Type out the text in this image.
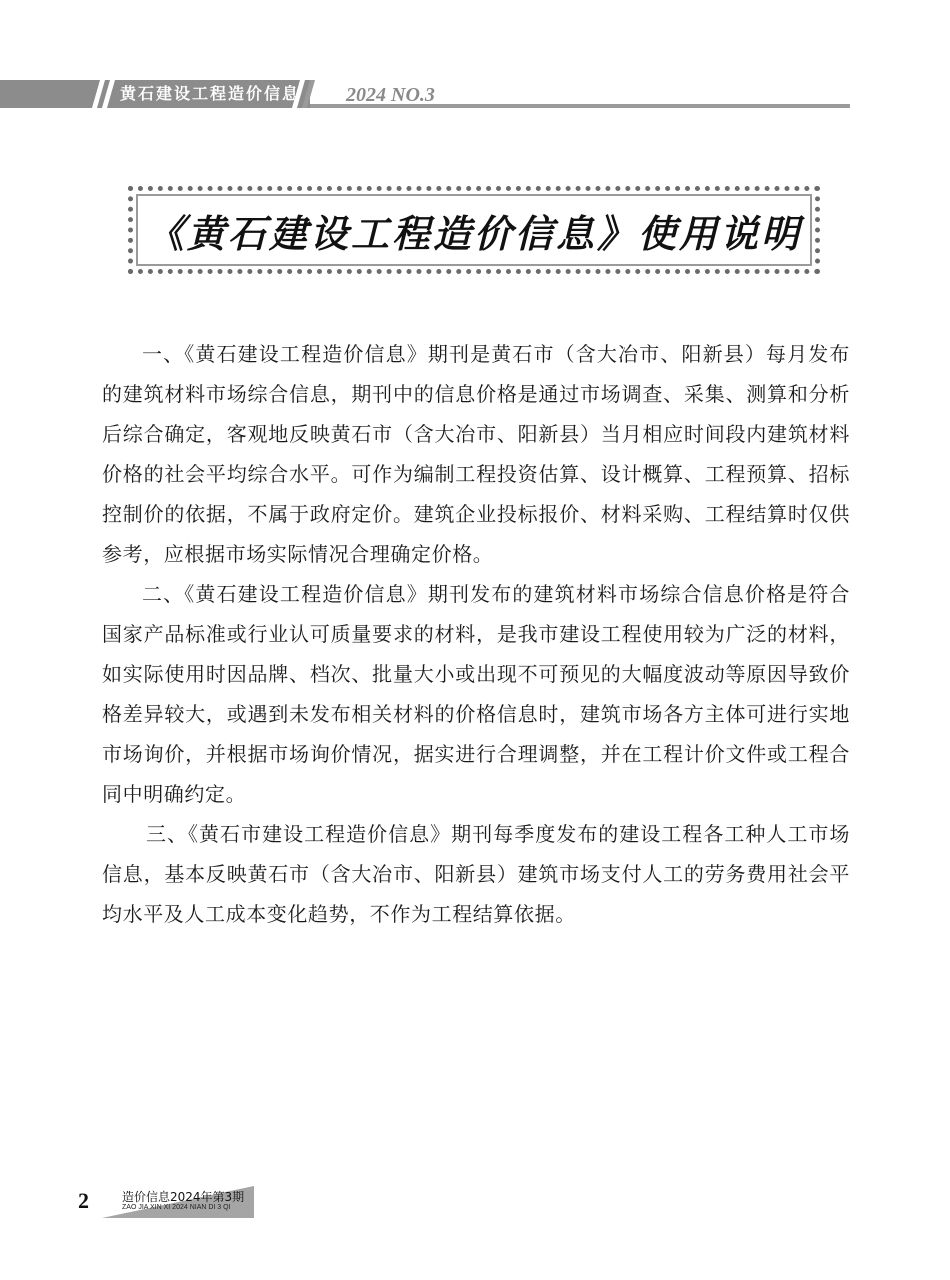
黄石建设工程造价信息 2024 NO.3
《黄石建设工程造价信息》使用说明

一、《黄石建设工程造价信息》期刊是黄石市（含大冶市、阳新县）每月发布的建筑材料市场综合信息，期刊中的信息价格是通过市场调查、采集、测算和分析后综合确定，客观地反映黄石市（含大冶市、阳新县）当月相应时间段内建筑材料价格的社会平均综合水平。可作为编制工程投资估算、设计概算、工程预算、招标控制价的依据，不属于政府定价。建筑企业投标报价、材料采购、工程结算时仅供参考，应根据市场实际情况合理确定价格。

二、《黄石建设工程造价信息》期刊发布的建筑材料市场综合信息价格是符合国家产品标准或行业认可质量要求的材料，是我市建设工程使用较为广泛的材料，如实际使用时因品牌、档次、批量大小或出现不可预见的大幅度波动等原因导致价格差异较大，或遇到未发布相关材料的价格信息时，建筑市场各方主体可进行实地市场询价，并根据市场询价情况，据实进行合理调整，并在工程计价文件或工程合同中明确约定。

三、《黄石市建设工程造价信息》期刊每季度发布的建设工程各工种人工市场信息，基本反映黄石市（含大冶市、阳新县）建筑市场支付人工的劳务费用社会平均水平及人工成本变化趋势，不作为工程结算依据。

2	造价信息2024年第3期
ZAO JIA XIN XI 2024 NIAN DI 3 QI
